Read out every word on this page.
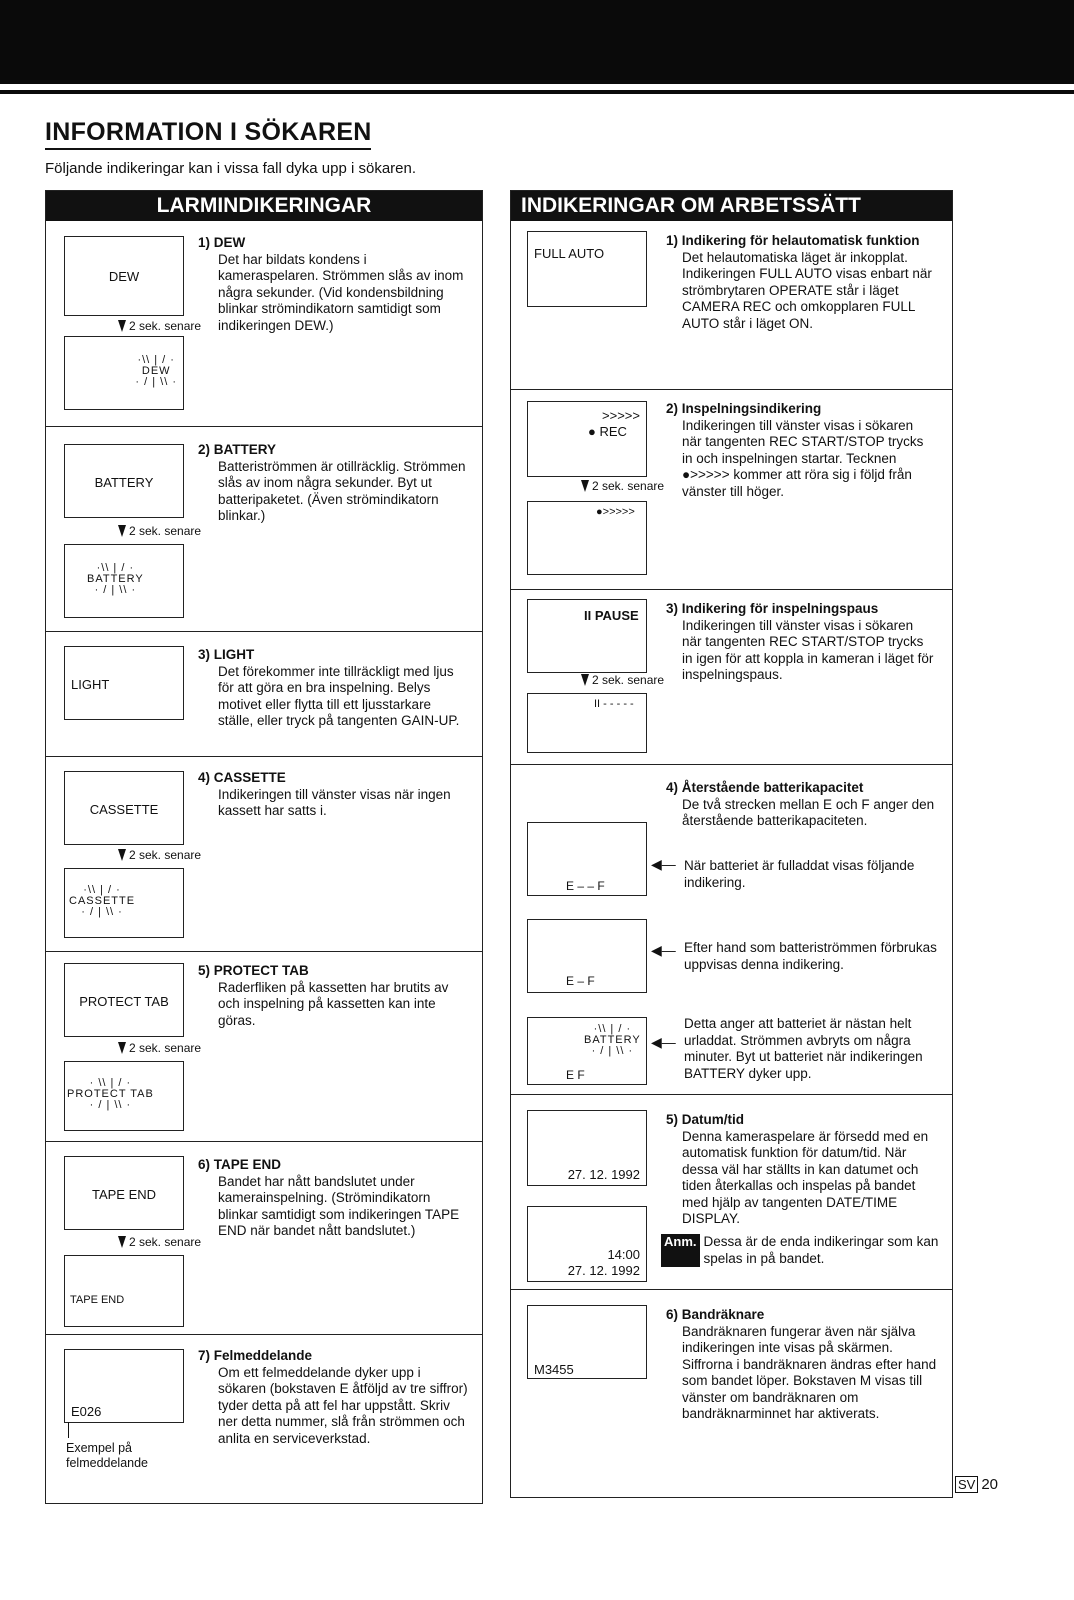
INFORMATION I SÖKAREN
Följande indikeringar kan i vissa fall dyka upp i sökaren.
LARMINDIKERINGAR
DEW
2 sek. senare
·\\ | / ·
DEW
· / | \\ ·
1) DEW
Det har bildats kondens i kameraspelaren. Strömmen slås av inom några sekunder. (Vid kondensbildning blinkar strömindikatorn samtidigt som indikeringen DEW.)
BATTERY
2 sek. senare
·\\ | / ·
BATTERY
· / | \\ ·
2) BATTERY
Batteriströmmen är otillräcklig. Strömmen slås av inom några sekunder. Byt ut batteripaketet. (Även strömindikatorn blinkar.)
LIGHT
3) LIGHT
Det förekommer inte tillräckligt med ljus för att göra en bra inspelning. Belys motivet eller flytta till ett ljusstarkare ställe, eller tryck på tangenten GAIN-UP.
CASSETTE
2 sek. senare
·\\ | / ·
CASSETTE
· / | \\ ·
4) CASSETTE
Indikeringen till vänster visas när ingen kassett har satts i.
PROTECT TAB
2 sek. senare
· \\ | / ·
PROTECT TAB
· / | \\ ·
5) PROTECT TAB
Raderfliken på kassetten har brutits av och inspelning på kassetten kan inte göras.
TAPE END
2 sek. senare
TAPE END
6) TAPE END
Bandet har nått bandslutet under kamerainspelning. (Strömindikatorn blinkar samtidigt som indikeringen TAPE END när bandet nått bandslutet.)
E026
Exempel på felmeddelande
7) Felmeddelande
Om ett felmeddelande dyker upp i sökaren (bokstaven E åtföljd av tre siffror) tyder detta på att fel har uppstått. Skriv ner detta nummer, slå från strömmen och anlita en serviceverkstad.
INDIKERINGAR OM ARBETSSÄTT
FULL AUTO
1) Indikering för helautomatisk funktion
Det helautomatiska läget är inkopplat. Indikeringen FULL AUTO visas enbart när strömbrytaren OPERATE står i läget CAMERA REC och omkopplaren FULL AUTO står i läget ON.
>>>>>
● REC
2 sek. senare
●>>>>>
2) Inspelningsindikering
Indikeringen till vänster visas i sökaren när tangenten REC START/STOP trycks in och inspelningen startar. Tecknen ●>>>>> kommer att röra sig i följd från vänster till höger.
II PAUSE
2 sek. senare
II - - - - -
3) Indikering för inspelningspaus
Indikeringen till vänster visas i sökaren när tangenten REC START/STOP trycks in igen för att koppla in kameran i läget för inspelningspaus.
4) Återstående batterikapacitet
De två strecken mellan E och F anger den återstående batterikapaciteten.
E – – F
◀— När batteriet är fulladdat visas följande indikering.
E – F
◀— Efter hand som batteriströmmen förbrukas uppvisas denna indikering.
·\\ | / ·
BATTERY
· / | \\ ·
E F
◀—
Detta anger att batteriet är nästan helt urladdat. Strömmen avbryts om några minuter. Byt ut batteriet när indikeringen BATTERY dyker upp.
27. 12. 1992
14:00
27. 12. 1992
5) Datum/tid
Denna kameraspelare är försedd med en automatisk funktion för datum/tid. När dessa väl har ställts in kan datumet och tiden återkallas och inspelas på bandet med hjälp av tangenten DATE/TIME DISPLAY.
Anm. Dessa är de enda indikeringar som kan spelas in på bandet.
M3455
6) Bandräknare
Bandräknaren fungerar även när själva indikeringen inte visas på skärmen. Siffrorna i bandräknaren ändras efter hand som bandet löper. Bokstaven M visas till vänster om bandräknaren om bandräknarminnet har aktiverats.
SV 20
